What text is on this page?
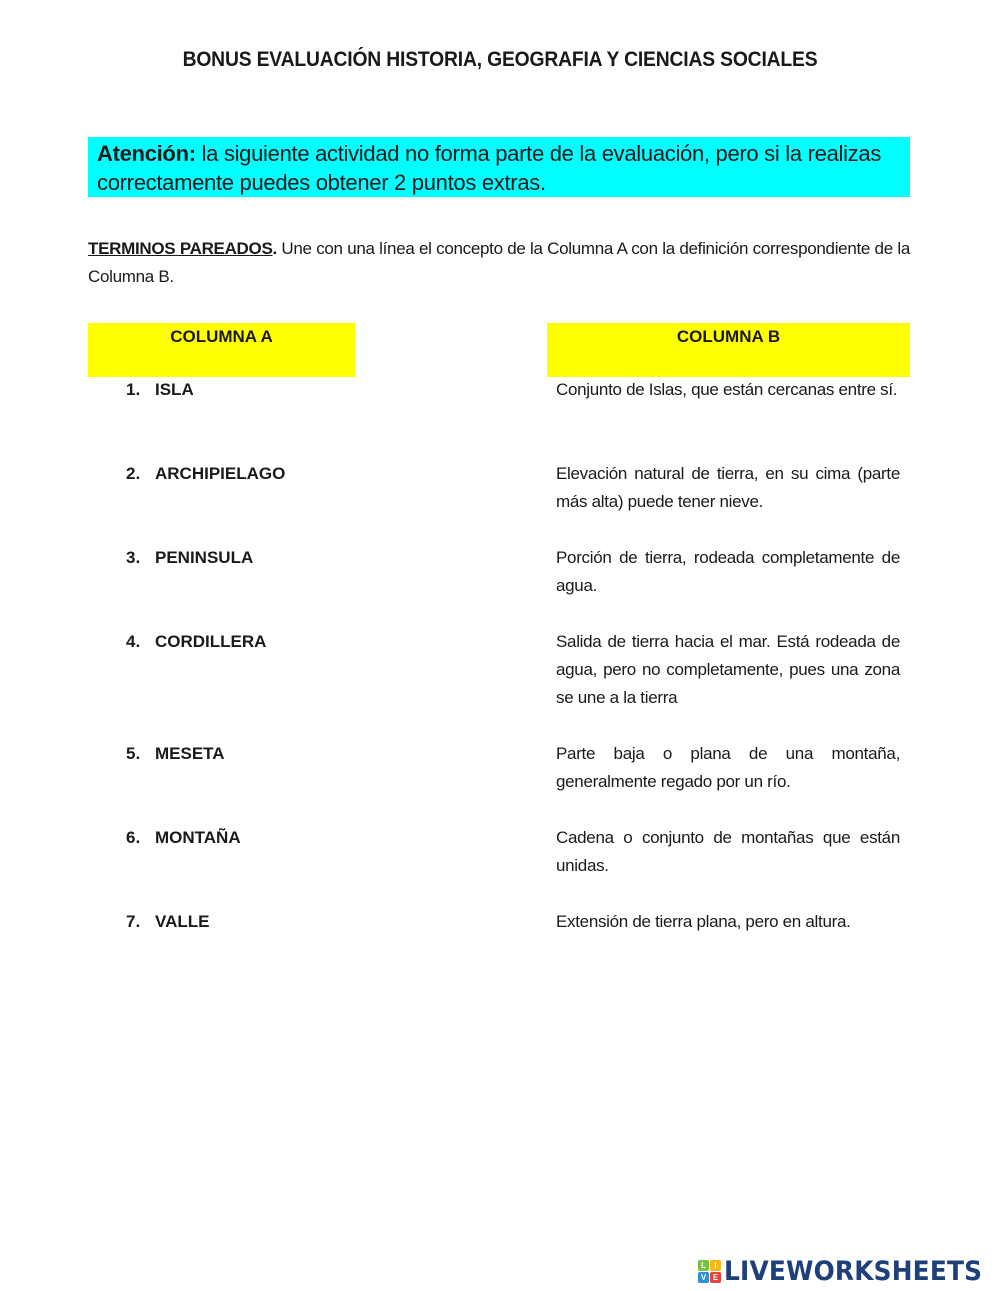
BONUS EVALUACIÓN HISTORIA, GEOGRAFIA Y CIENCIAS SOCIALES
Atención: la siguiente actividad no forma parte de la evaluación, pero si la realizas correctamente puedes obtener 2 puntos extras.
TERMINOS PAREADOS. Une con una línea el concepto de la Columna A con la definición correspondiente de la Columna B.
COLUMNA A	COLUMNA B
1. ISLA	Conjunto de Islas, que están cercanas entre sí.
2. ARCHIPIELAGO	Elevación natural de tierra, en su cima (parte más alta) puede tener nieve.
3. PENINSULA	Porción de tierra, rodeada completamente de agua.
4. CORDILLERA	Salida de tierra hacia el mar. Está rodeada de agua, pero no completamente, pues una zona se une a la tierra
5. MESETA	Parte baja o plana de una montaña, generalmente regado por un río.
6. MONTAÑA	Cadena o conjunto de montañas que están unidas.
7. VALLE	Extensión de tierra plana, pero en altura.
L	I
V E LIVEWORKSHEETS
